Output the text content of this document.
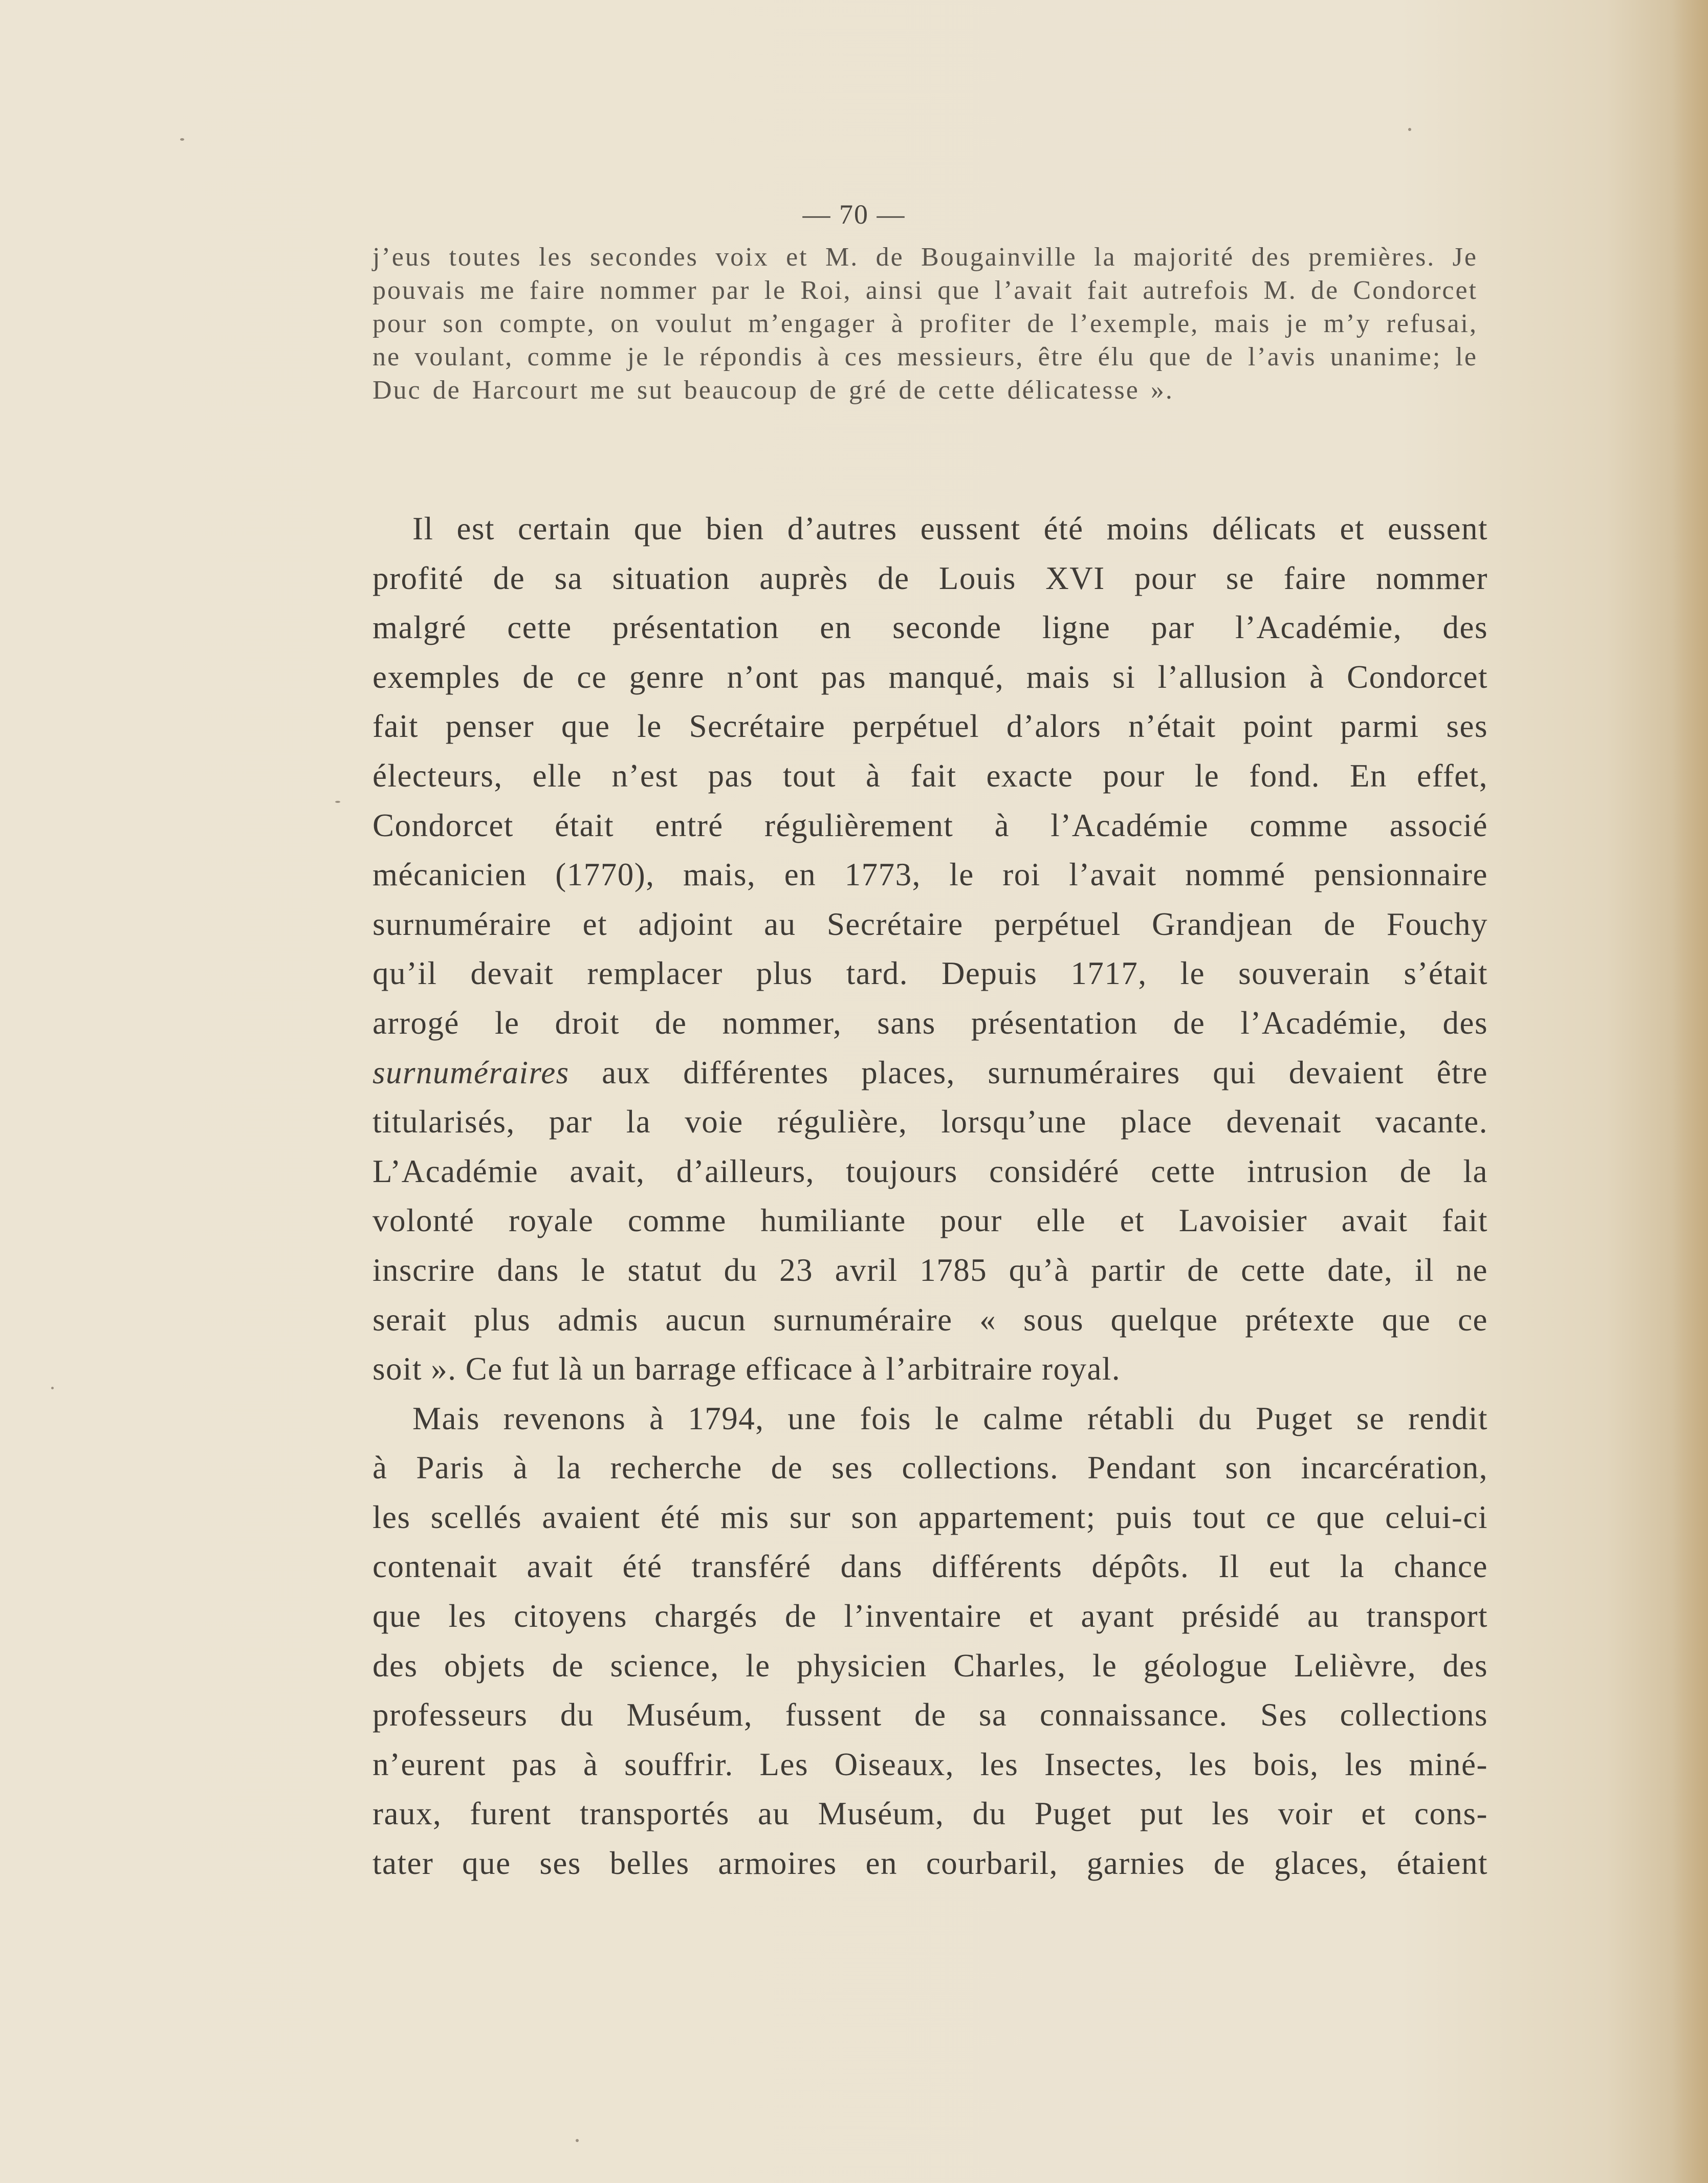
— 70 —
j’eus toutes les secondes voix et M. de Bougainville la majorité des premières. Je
pouvais me faire nommer par le Roi, ainsi que l’avait fait autrefois M. de Condorcet
pour son compte, on voulut m’engager à profiter de l’exemple, mais je m’y refusai,
ne voulant, comme je le répondis à ces messieurs, être élu que de l’avis unanime; le
Duc de Harcourt me sut beaucoup de gré de cette délicatesse ».
Il est certain que bien d’autres eussent été moins délicats et eussent
profité de sa situation auprès de Louis XVI pour se faire nommer
malgré cette présentation en seconde ligne par l’Académie, des
exemples de ce genre n’ont pas manqué, mais si l’allusion à Condorcet
fait penser que le Secrétaire perpétuel d’alors n’était point parmi ses
électeurs, elle n’est pas tout à fait exacte pour le fond. En effet,
Condorcet était entré régulièrement à l’Académie comme associé
mécanicien (1770), mais, en 1773, le roi l’avait nommé pensionnaire
surnuméraire et adjoint au Secrétaire perpétuel Grandjean de Fouchy
qu’il devait remplacer plus tard. Depuis 1717, le souverain s’était
arrogé le droit de nommer, sans présentation de l’Académie, des
surnuméraires aux différentes places, surnuméraires qui devaient être
titularisés, par la voie régulière, lorsqu’une place devenait vacante.
L’Académie avait, d’ailleurs, toujours considéré cette intrusion de la
volonté royale comme humiliante pour elle et Lavoisier avait fait
inscrire dans le statut du 23 avril 1785 qu’à partir de cette date, il ne
serait plus admis aucun surnuméraire « sous quelque prétexte que ce
soit ». Ce fut là un barrage efficace à l’arbitraire royal.
Mais revenons à 1794, une fois le calme rétabli du Puget se rendit
à Paris à la recherche de ses collections. Pendant son incarcération,
les scellés avaient été mis sur son appartement; puis tout ce que celui-ci
contenait avait été transféré dans différents dépôts. Il eut la chance
que les citoyens chargés de l’inventaire et ayant présidé au transport
des objets de science, le physicien Charles, le géologue Lelièvre, des
professeurs du Muséum, fussent de sa connaissance. Ses collections
n’eurent pas à souffrir. Les Oiseaux, les Insectes, les bois, les miné-
raux, furent transportés au Muséum, du Puget put les voir et cons-
tater que ses belles armoires en courbaril, garnies de glaces, étaient
